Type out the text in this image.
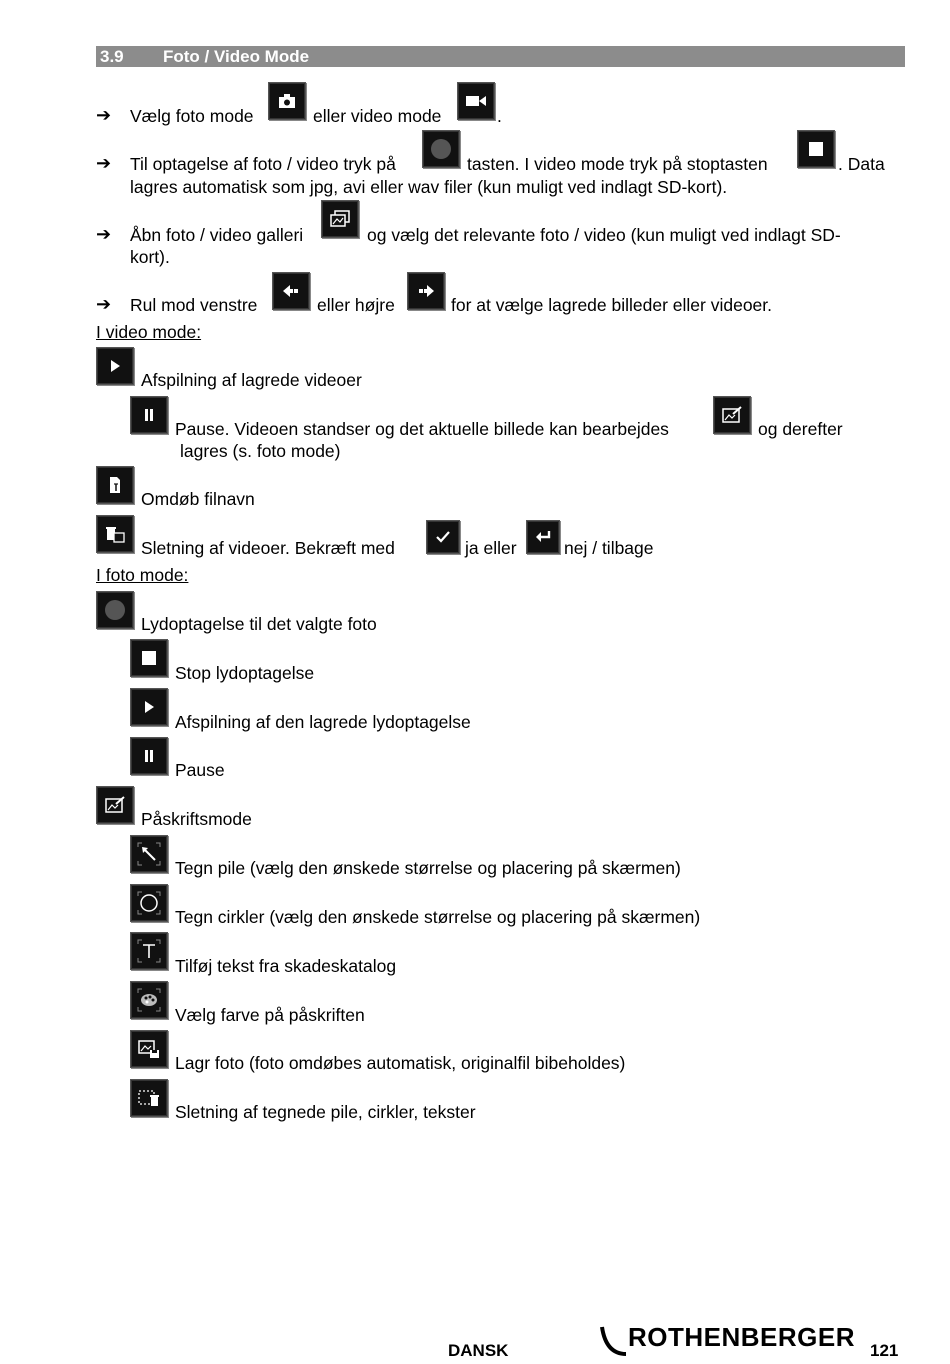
3.9 Foto / Video Mode
➔ Vælg foto mode	eller video mode	.
➔ Til optagelse af foto / video tryk på	tasten. I video mode tryk på stoptasten	. Data
lagres automatisk som jpg, avi eller wav filer (kun muligt ved indlagt SD-kort).
➔ Åbn foto / video galleri	og vælg det relevante foto / video (kun muligt ved indlagt SD-
kort).
➔ Rul mod venstre	eller højre	for at vælge lagrede billeder eller videoer.
I video mode:
Afspilning af lagrede videoer
Pause. Videoen standser og det aktuelle billede kan bearbejdes	og derefter
lagres (s. foto mode)
Omdøb filnavn
Sletning af videoer. Bekræft med	ja eller	nej / tilbage
I foto mode:
Lydoptagelse til det valgte foto
Stop lydoptagelse
Afspilning af den lagrede lydoptagelse
Pause
Påskriftsmode
Tegn pile (vælg den ønskede størrelse og placering på skærmen)
Tegn cirkler (vælg den ønskede størrelse og placering på skærmen)
Tilføj tekst fra skadeskatalog
Vælg farve på påskriften
Lagr foto (foto omdøbes automatisk, originalfil bibeholdes)
Sletning af tegnede pile, cirkler, tekster
DANSK	ROTHENBERGER 121
